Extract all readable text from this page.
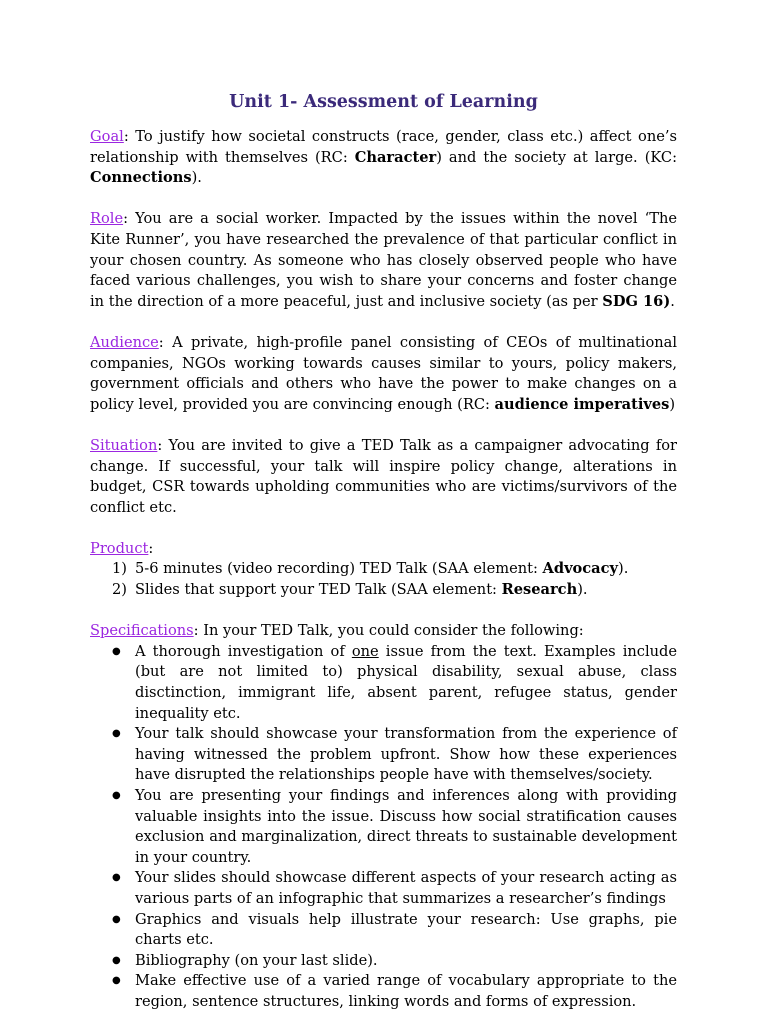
Unit 1- Assessment of Learning

Goal: To justify how societal constructs (race, gender, class etc.) affect one’s relationship with themselves (RC: Character) and the society at large. (KC: Connections).

Role: You are a social worker. Impacted by the issues within the novel ‘The Kite Runner’, you have researched the prevalence of that particular conflict in your chosen country. As someone who has closely observed people who have faced various challenges, you wish to share your concerns and foster change in the direction of a more peaceful, just and inclusive society (as per SDG 16).

Audience: A private, high-profile panel consisting of CEOs of multinational companies, NGOs working towards causes similar to yours, policy makers, government officials and others who have the power to make changes on a policy level, provided you are convincing enough (RC: audience imperatives)

Situation: You are invited to give a TED Talk as a campaigner advocating for change. If successful, your talk will inspire policy change, alterations in budget, CSR towards upholding communities who are victims/survivors of the conflict etc.

Product:

1) 5-6 minutes (video recording) TED Talk (SAA element: Advocacy).
2) Slides that support your TED Talk (SAA element: Research).

Specifications: In your TED Talk, you could consider the following:

● A thorough investigation of one issue from the text. Examples include (but are not limited to) physical disability, sexual abuse, class disctinction, immigrant life, absent parent, refugee status, gender inequality etc.
● Your talk should showcase your transformation from the experience of having witnessed the problem upfront. Show how these experiences have disrupted the relationships people have with themselves/society.
● You are presenting your findings and inferences along with providing valuable insights into the issue. Discuss how social stratification causes exclusion and marginalization, direct threats to sustainable development in your country.
● Your slides should showcase different aspects of your research acting as various parts of an infographic that summarizes a researcher’s findings
● Graphics and visuals help illustrate your research: Use graphs, pie charts etc.
● Bibliography (on your last slide).
● Make effective use of a varied range of vocabulary appropriate to the region, sentence structures, linking words and forms of expression.
